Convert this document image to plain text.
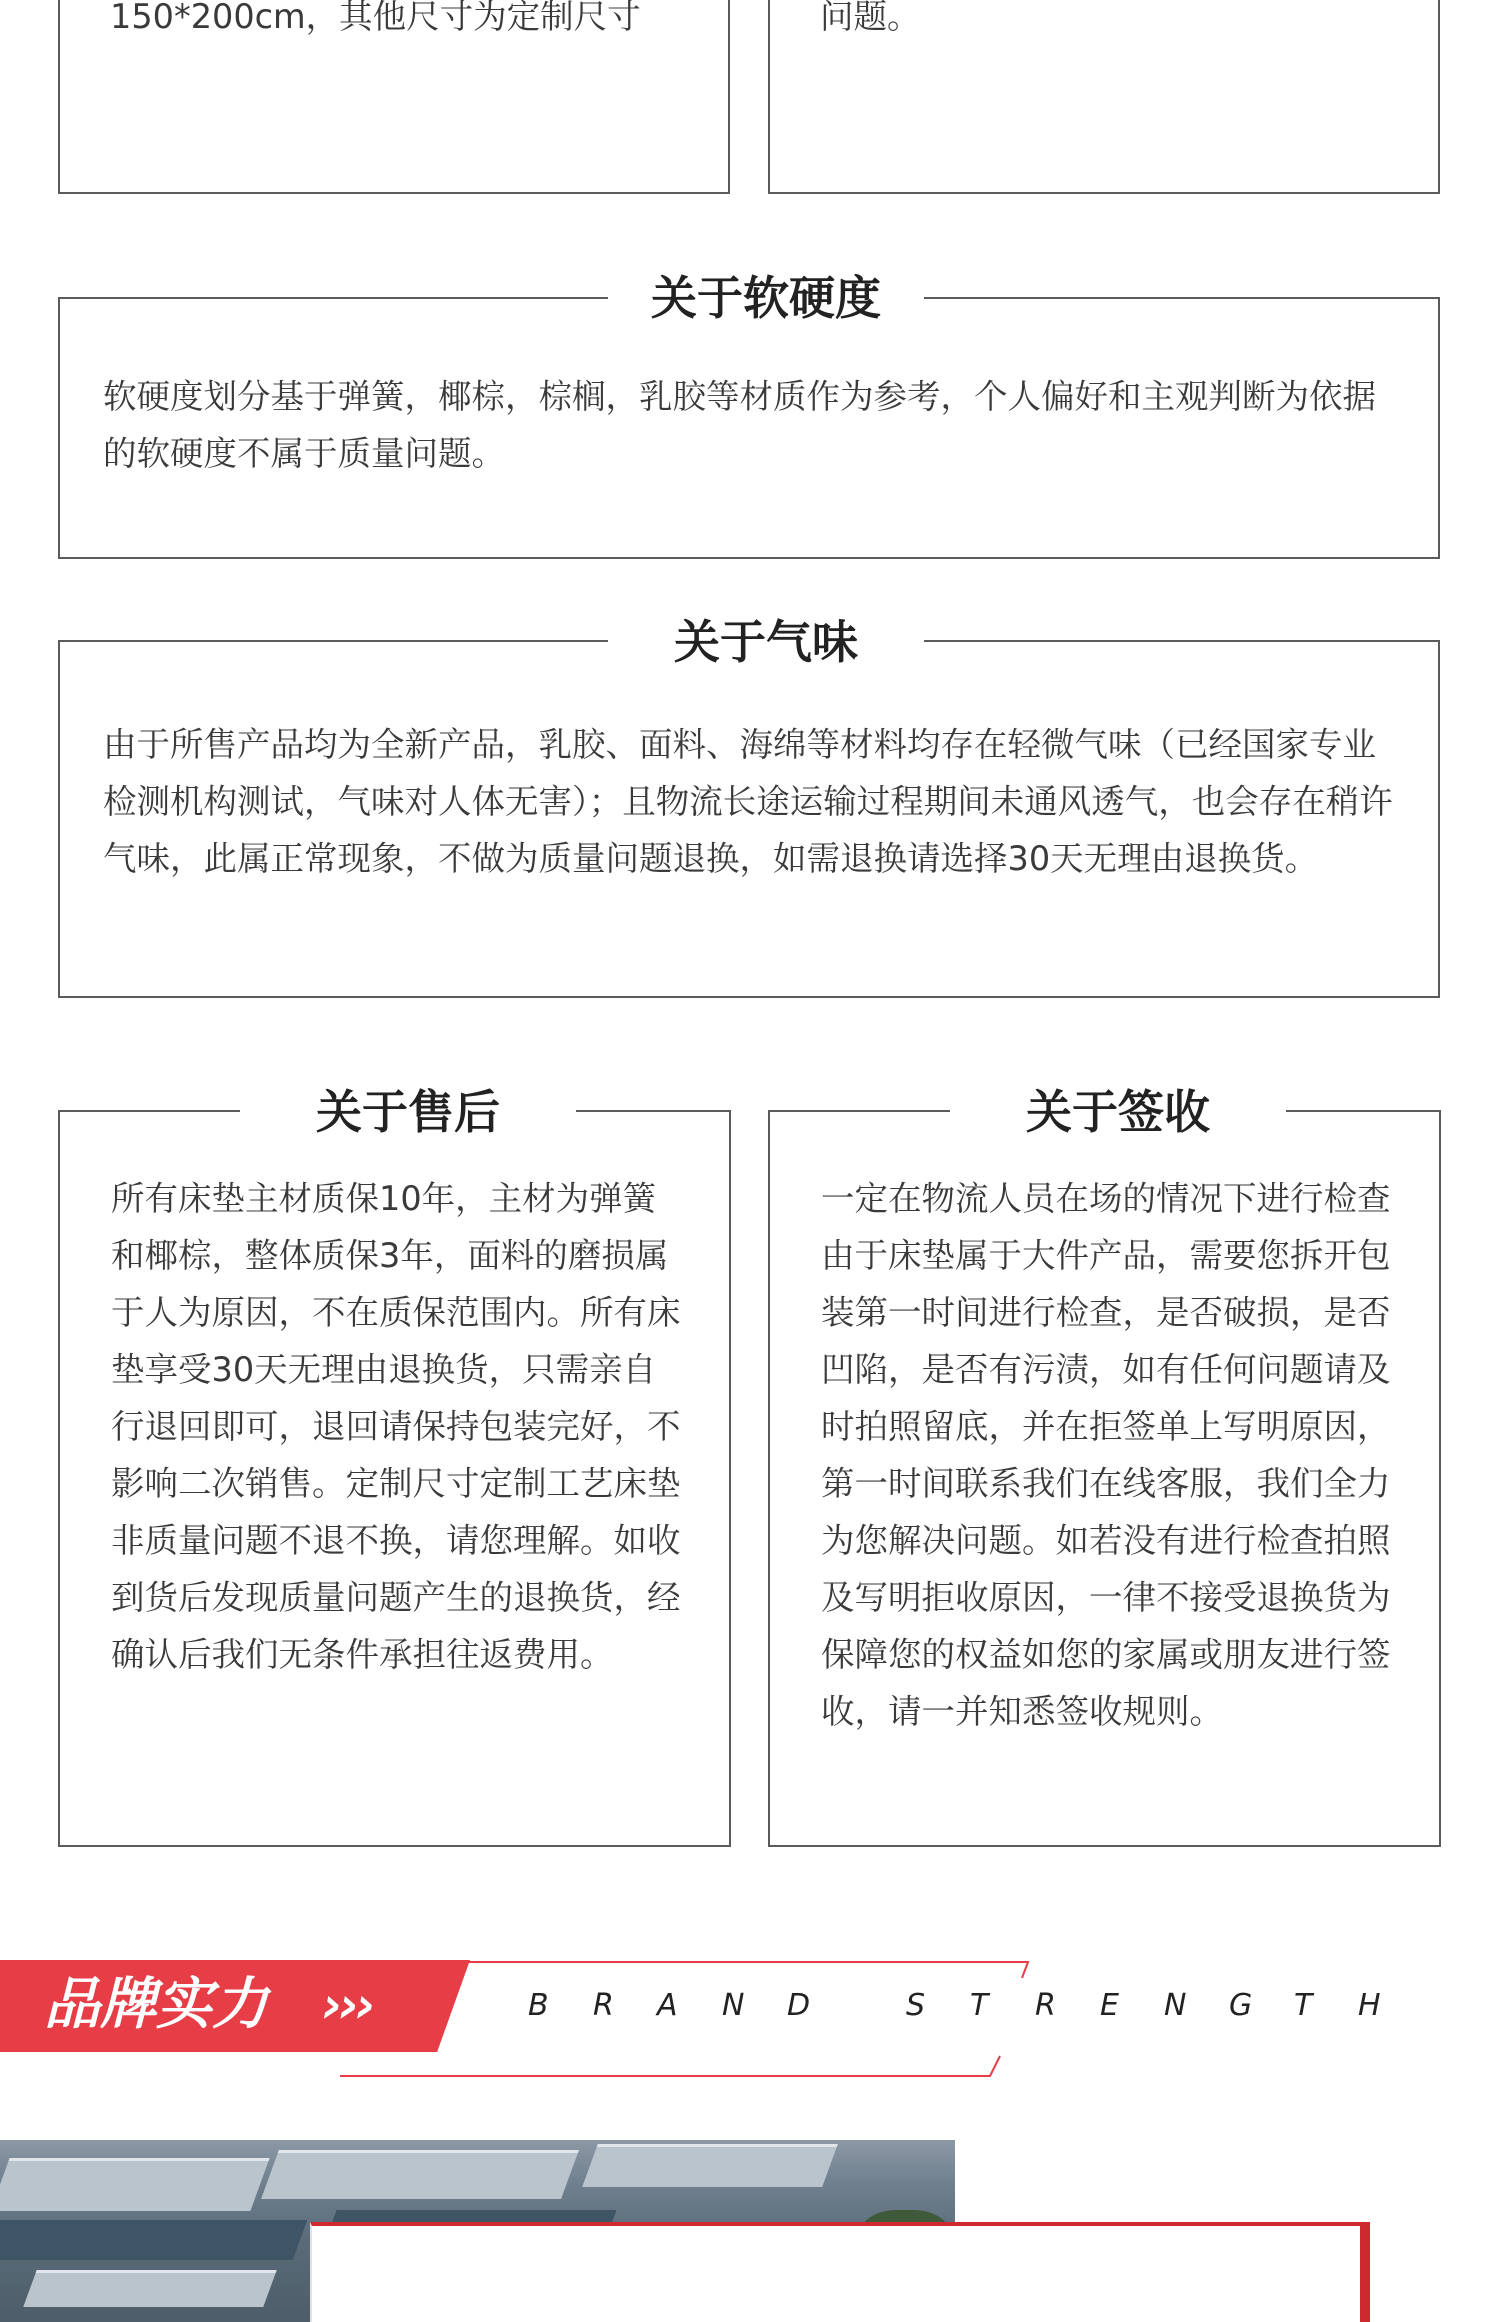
150*200cm，其他尺寸为定制尺寸	问题。

关于软硬度

软硬度划分基于弹簧，椰棕，棕榈，乳胶等材质作为参考，个人偏好和主观判断为依据的软硬度不属于质量问题。

关于气味

由于所售产品均为全新产品，乳胶、面料、海绵等材料均存在轻微气味（已经国家专业检测机构测试，气味对人体无害）；且物流长途运输过程期间未通风透气，也会存在稍许气味，此属正常现象，不做为质量问题退换，如需退换请选择30天无理由退换货。

关于售后

所有床垫主材质保10年，主材为弹簧和椰棕，整体质保3年，面料的磨损属于人为原因，不在质保范围内。所有床垫享受30天无理由退换货，只需亲自行退回即可，退回请保持包装完好，不影响二次销售。定制尺寸定制工艺床垫非质量问题不退不换，请您理解。如收到货后发现质量问题产生的退换货，经确认后我们无条件承担往返费用。

关于签收

一定在物流人员在场的情况下进行检查由于床垫属于大件产品，需要您拆开包装第一时间进行检查，是否破损，是否凹陷，是否有污渍，如有任何问题请及时拍照留底，并在拒签单上写明原因，第一时间联系我们在线客服，我们全力为您解决问题。如若没有进行检查拍照及写明拒收原因，一律不接受退换货为保障您的权益如您的家属或朋友进行签收，请一并知悉签收规则。

品牌实力 ›››	B R A N D	S T R E N G T H
